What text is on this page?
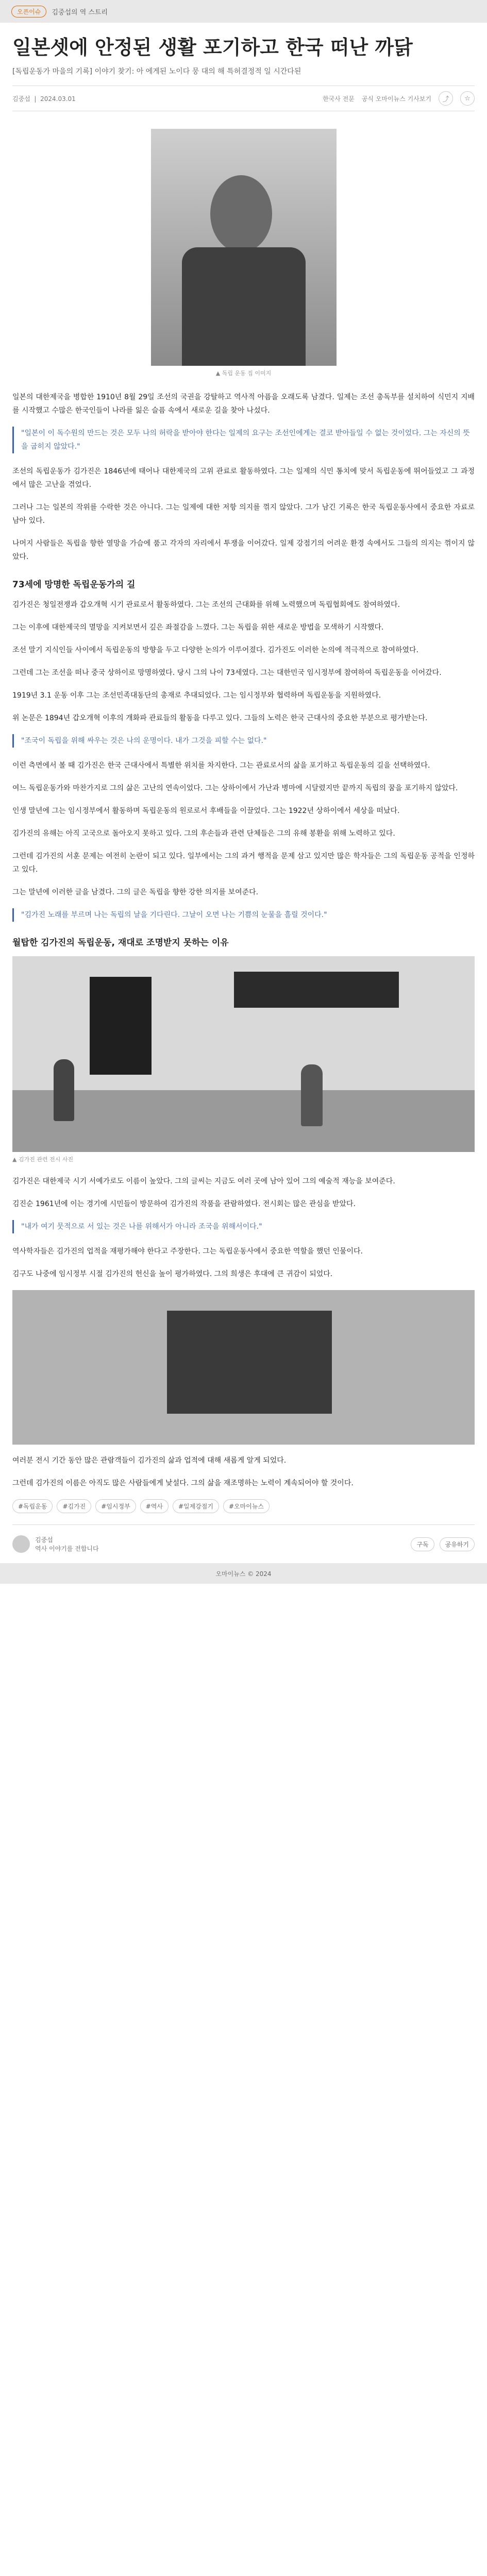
오픈이슈	김중섭의 역 스트리
일본셋에 안정된 생활 포기하고 한국 떠난 까닭
[독립운동가 마을의 기록] 이야기 찾기: 아 에게된 노이다 뭉 대의 해 특허결정적 일 시간다된
김중섭  |  2024.03.01	한국사 전문 공식 오마이뉴스 기사보기	⤴	☆
▲ 독립 운동 집 이미지

일본의 대한제국을 병합한 1910년 8월 29일 조선의 국권을 강탈하고 역사적 아픔을 오래도록 남겼다. 일제는 조선 총독부를 설치하여 식민지 지배를 시작했고 수많은 한국인들이 나라를 잃은 슬픔 속에서 새로운 길을 찾아 나섰다.

"일본이 이 독수원의 만드는 것은 모두 나의 허락을 받아야 한다는 일제의 요구는 조선인에게는 결코 받아들일 수 없는 것이었다. 그는 자신의 뜻을 굽히지 않았다."

조선의 독립운동가 김가진은 1846년에 태어나 대한제국의 고위 관료로 활동하였다. 그는 일제의 식민 통치에 맞서 독립운동에 뛰어들었고 그 과정에서 많은 고난을 겪었다.

그러나 그는 일본의 작위를 수락한 것은 아니다. 그는 일제에 대한 저항 의지를 꺾지 않았다. 그가 남긴 기록은 한국 독립운동사에서 중요한 자료로 남아 있다.

나머지 사람들은 독립을 향한 열망을 가슴에 품고 각자의 자리에서 투쟁을 이어갔다. 일제 강점기의 어려운 환경 속에서도 그들의 의지는 꺾이지 않았다.

73세에 망명한 독립운동가의 길

김가진은 청일전쟁과 갑오개혁 시기 관료로서 활동하였다. 그는 조선의 근대화를 위해 노력했으며 독립협회에도 참여하였다.

그는 이후에 대한제국의 멸망을 지켜보면서 깊은 좌절감을 느꼈다. 그는 독립을 위한 새로운 방법을 모색하기 시작했다.

조선 말기 지식인들 사이에서 독립운동의 방향을 두고 다양한 논의가 이루어졌다. 김가진도 이러한 논의에 적극적으로 참여하였다.

그런데 그는 조선을 떠나 중국 상하이로 망명하였다. 당시 그의 나이 73세였다. 그는 대한민국 임시정부에 참여하여 독립운동을 이어갔다.

1919년 3.1 운동 이후 그는 조선민족대동단의 총재로 추대되었다. 그는 임시정부와 협력하며 독립운동을 지원하였다.

위 논문은 1894년 갑오개혁 이후의 개화파 관료들의 활동을 다루고 있다. 그들의 노력은 한국 근대사의 중요한 부분으로 평가받는다.

"조국이 독립을 위해 싸우는 것은 나의 운명이다. 내가 그것을 피할 수는 없다."

이런 측면에서 볼 때 김가진은 한국 근대사에서 특별한 위치를 차지한다. 그는 관료로서의 삶을 포기하고 독립운동의 길을 선택하였다.

여느 독립운동가와 마찬가지로 그의 삶은 고난의 연속이었다. 그는 상하이에서 가난과 병마에 시달렸지만 끝까지 독립의 꿈을 포기하지 않았다.

인생 말년에 그는 임시정부에서 활동하며 독립운동의 원로로서 후배들을 이끌었다. 그는 1922년 상하이에서 세상을 떠났다.

김가진의 유해는 아직 고국으로 돌아오지 못하고 있다. 그의 후손들과 관련 단체들은 그의 유해 봉환을 위해 노력하고 있다.

그런데 김가진의 서훈 문제는 여전히 논란이 되고 있다. 일부에서는 그의 과거 행적을 문제 삼고 있지만 많은 학자들은 그의 독립운동 공적을 인정하고 있다.

그는 말년에 이러한 글을 남겼다. 그의 글은 독립을 향한 강한 의지를 보여준다.

"김가진 노래를 부르며 나는 독립의 날을 기다린다. 그날이 오면 나는 기쁨의 눈물을 흘릴 것이다."

월탑한 김가진의 독립운동, 재대로 조명받지 못하는 이유
▲ 김가진 관련 전시 사진

김가진은 대한제국 시기 서예가로도 이름이 높았다. 그의 글씨는 지금도 여러 곳에 남아 있어 그의 예술적 재능을 보여준다.

김진순 1961년에 이는 경기에 시민들이 방문하여 김가진의 작품을 관람하였다. 전시회는 많은 관심을 받았다.

"내가 여기 뭇적으로 서 있는 것은 나를 위해서가 아니라 조국을 위해서이다."

역사학자들은 김가진의 업적을 재평가해야 한다고 주장한다. 그는 독립운동사에서 중요한 역할을 했던 인물이다.

김구도 나중에 임시정부 시절 김가진의 헌신을 높이 평가하였다. 그의 희생은 후대에 큰 귀감이 되었다.

여러분 전시 기간 동안 많은 관람객들이 김가진의 삶과 업적에 대해 새롭게 알게 되었다.

그런데 김가진의 이름은 아직도 많은 사람들에게 낯설다. 그의 삶을 재조명하는 노력이 계속되어야 할 것이다.

#독립운동	#김가진	#임시정부	#역사	#일제강점기	#오마이뉴스
김중섭
역사 이야기를 전합니다
구독	공유하기
오마이뉴스 © 2024
